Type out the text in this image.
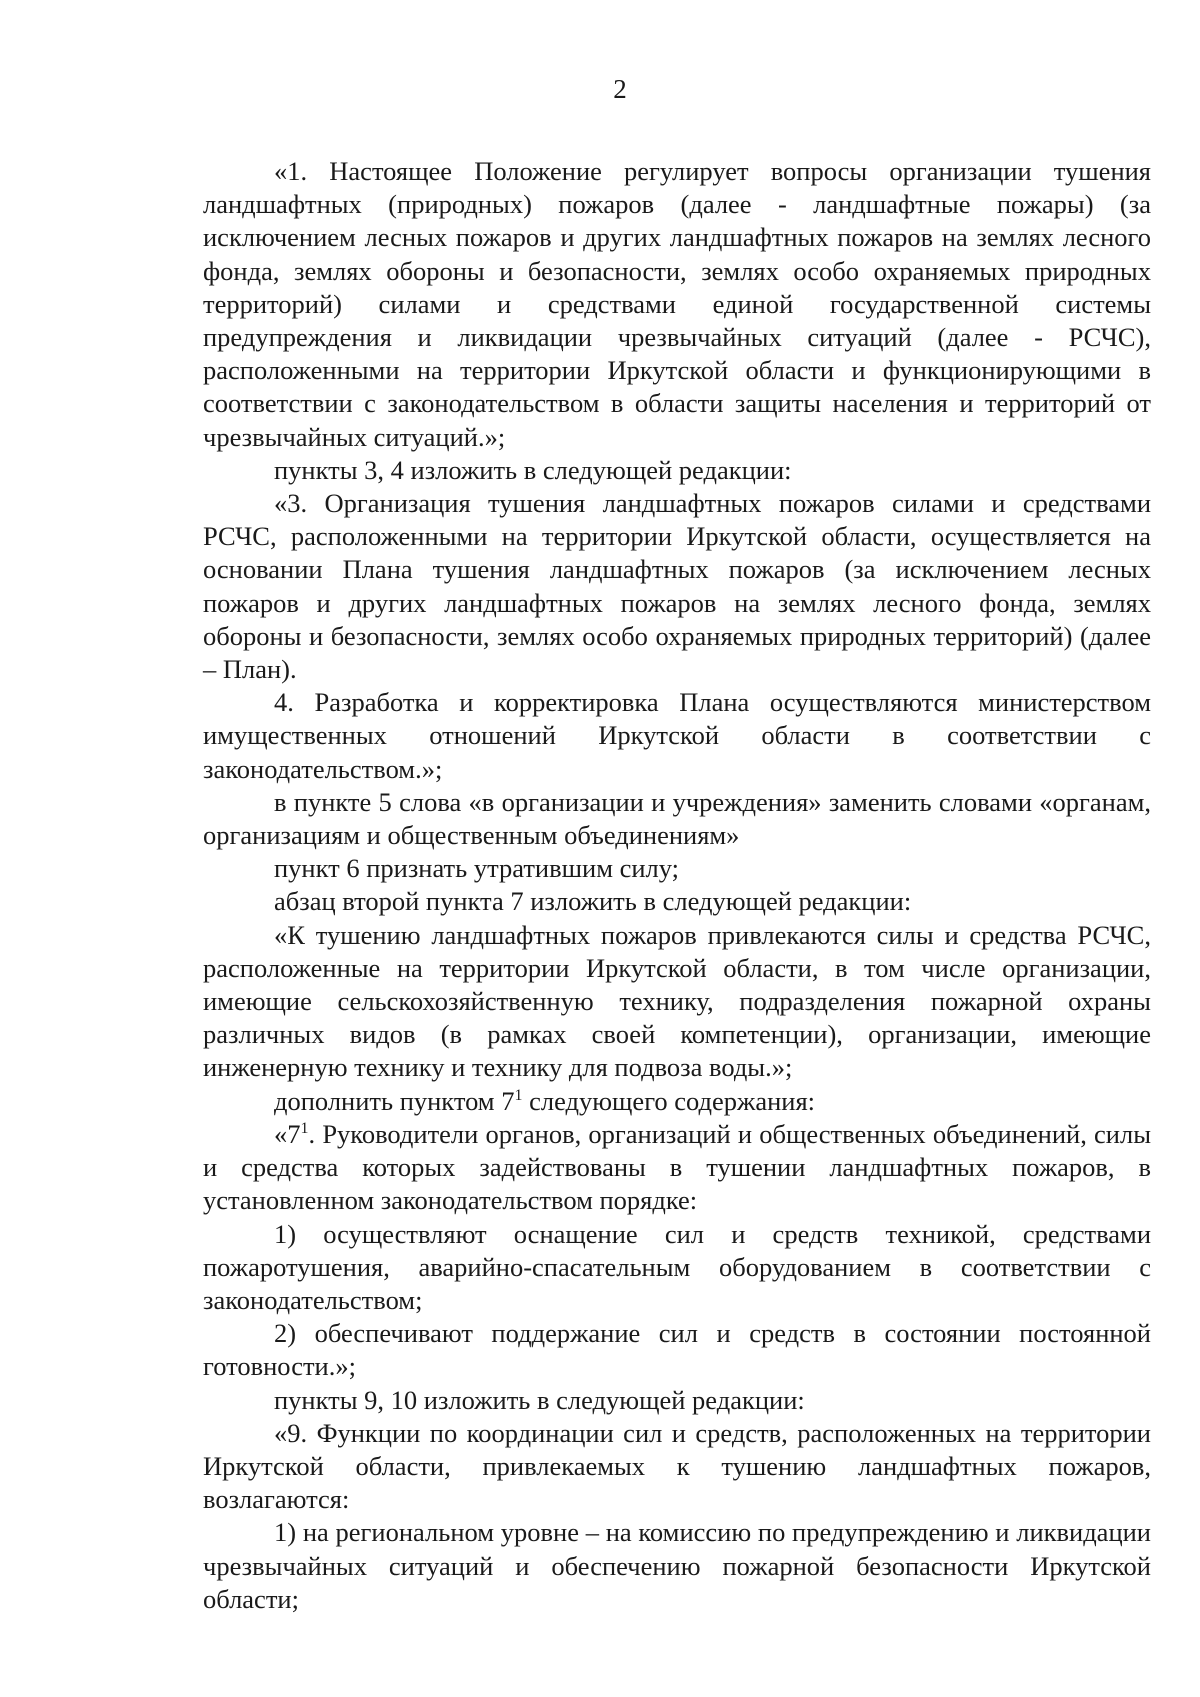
2

«1. Настоящее Положение регулирует вопросы организации тушения ландшафтных (природных) пожаров (далее - ландшафтные пожары) (за исключением лесных пожаров и других ландшафтных пожаров на землях лесного фонда, землях обороны и безопасности, землях особо охраняемых природных территорий) силами и средствами единой государственной системы предупреждения и ликвидации чрезвычайных ситуаций (далее - РСЧС), расположенными на территории Иркутской области и функционирующими в соответствии с законодательством в области защиты населения и территорий от чрезвычайных ситуаций.»;

пункты 3, 4 изложить в следующей редакции:

«3. Организация тушения ландшафтных пожаров силами и средствами РСЧС, расположенными на территории Иркутской области, осуществляется на основании Плана тушения ландшафтных пожаров (за исключением лесных пожаров и других ландшафтных пожаров на землях лесного фонда, землях обороны и безопасности, землях особо охраняемых природных территорий) (далее – План).

4. Разработка и корректировка Плана осуществляются министерством имущественных отношений Иркутской области в соответствии с законодательством.»;

в пункте 5 слова «в организации и учреждения» заменить словами «органам, организациям и общественным объединениям»

пункт 6 признать утратившим силу;

абзац второй пункта 7 изложить в следующей редакции:

«К тушению ландшафтных пожаров привлекаются силы и средства РСЧС, расположенные на территории Иркутской области, в том числе организации, имеющие сельскохозяйственную технику, подразделения пожарной охраны различных видов (в рамках своей компетенции), организации, имеющие инженерную технику и технику для подвоза воды.»;

дополнить пунктом $7^1$ следующего содержания:

«$7^1$. Руководители органов, организаций и общественных объединений, силы и средства которых задействованы в тушении ландшафтных пожаров, в установленном законодательством порядке:

1) осуществляют оснащение сил и средств техникой, средствами пожаротушения, аварийно-спасательным оборудованием в соответствии с законодательством;

2) обеспечивают поддержание сил и средств в состоянии постоянной готовности.»;

пункты 9, 10 изложить в следующей редакции:

«9. Функции по координации сил и средств, расположенных на территории Иркутской области, привлекаемых к тушению ландшафтных пожаров, возлагаются:

1) на региональном уровне – на комиссию по предупреждению и ликвидации чрезвычайных ситуаций и обеспечению пожарной безопасности Иркутской области;
